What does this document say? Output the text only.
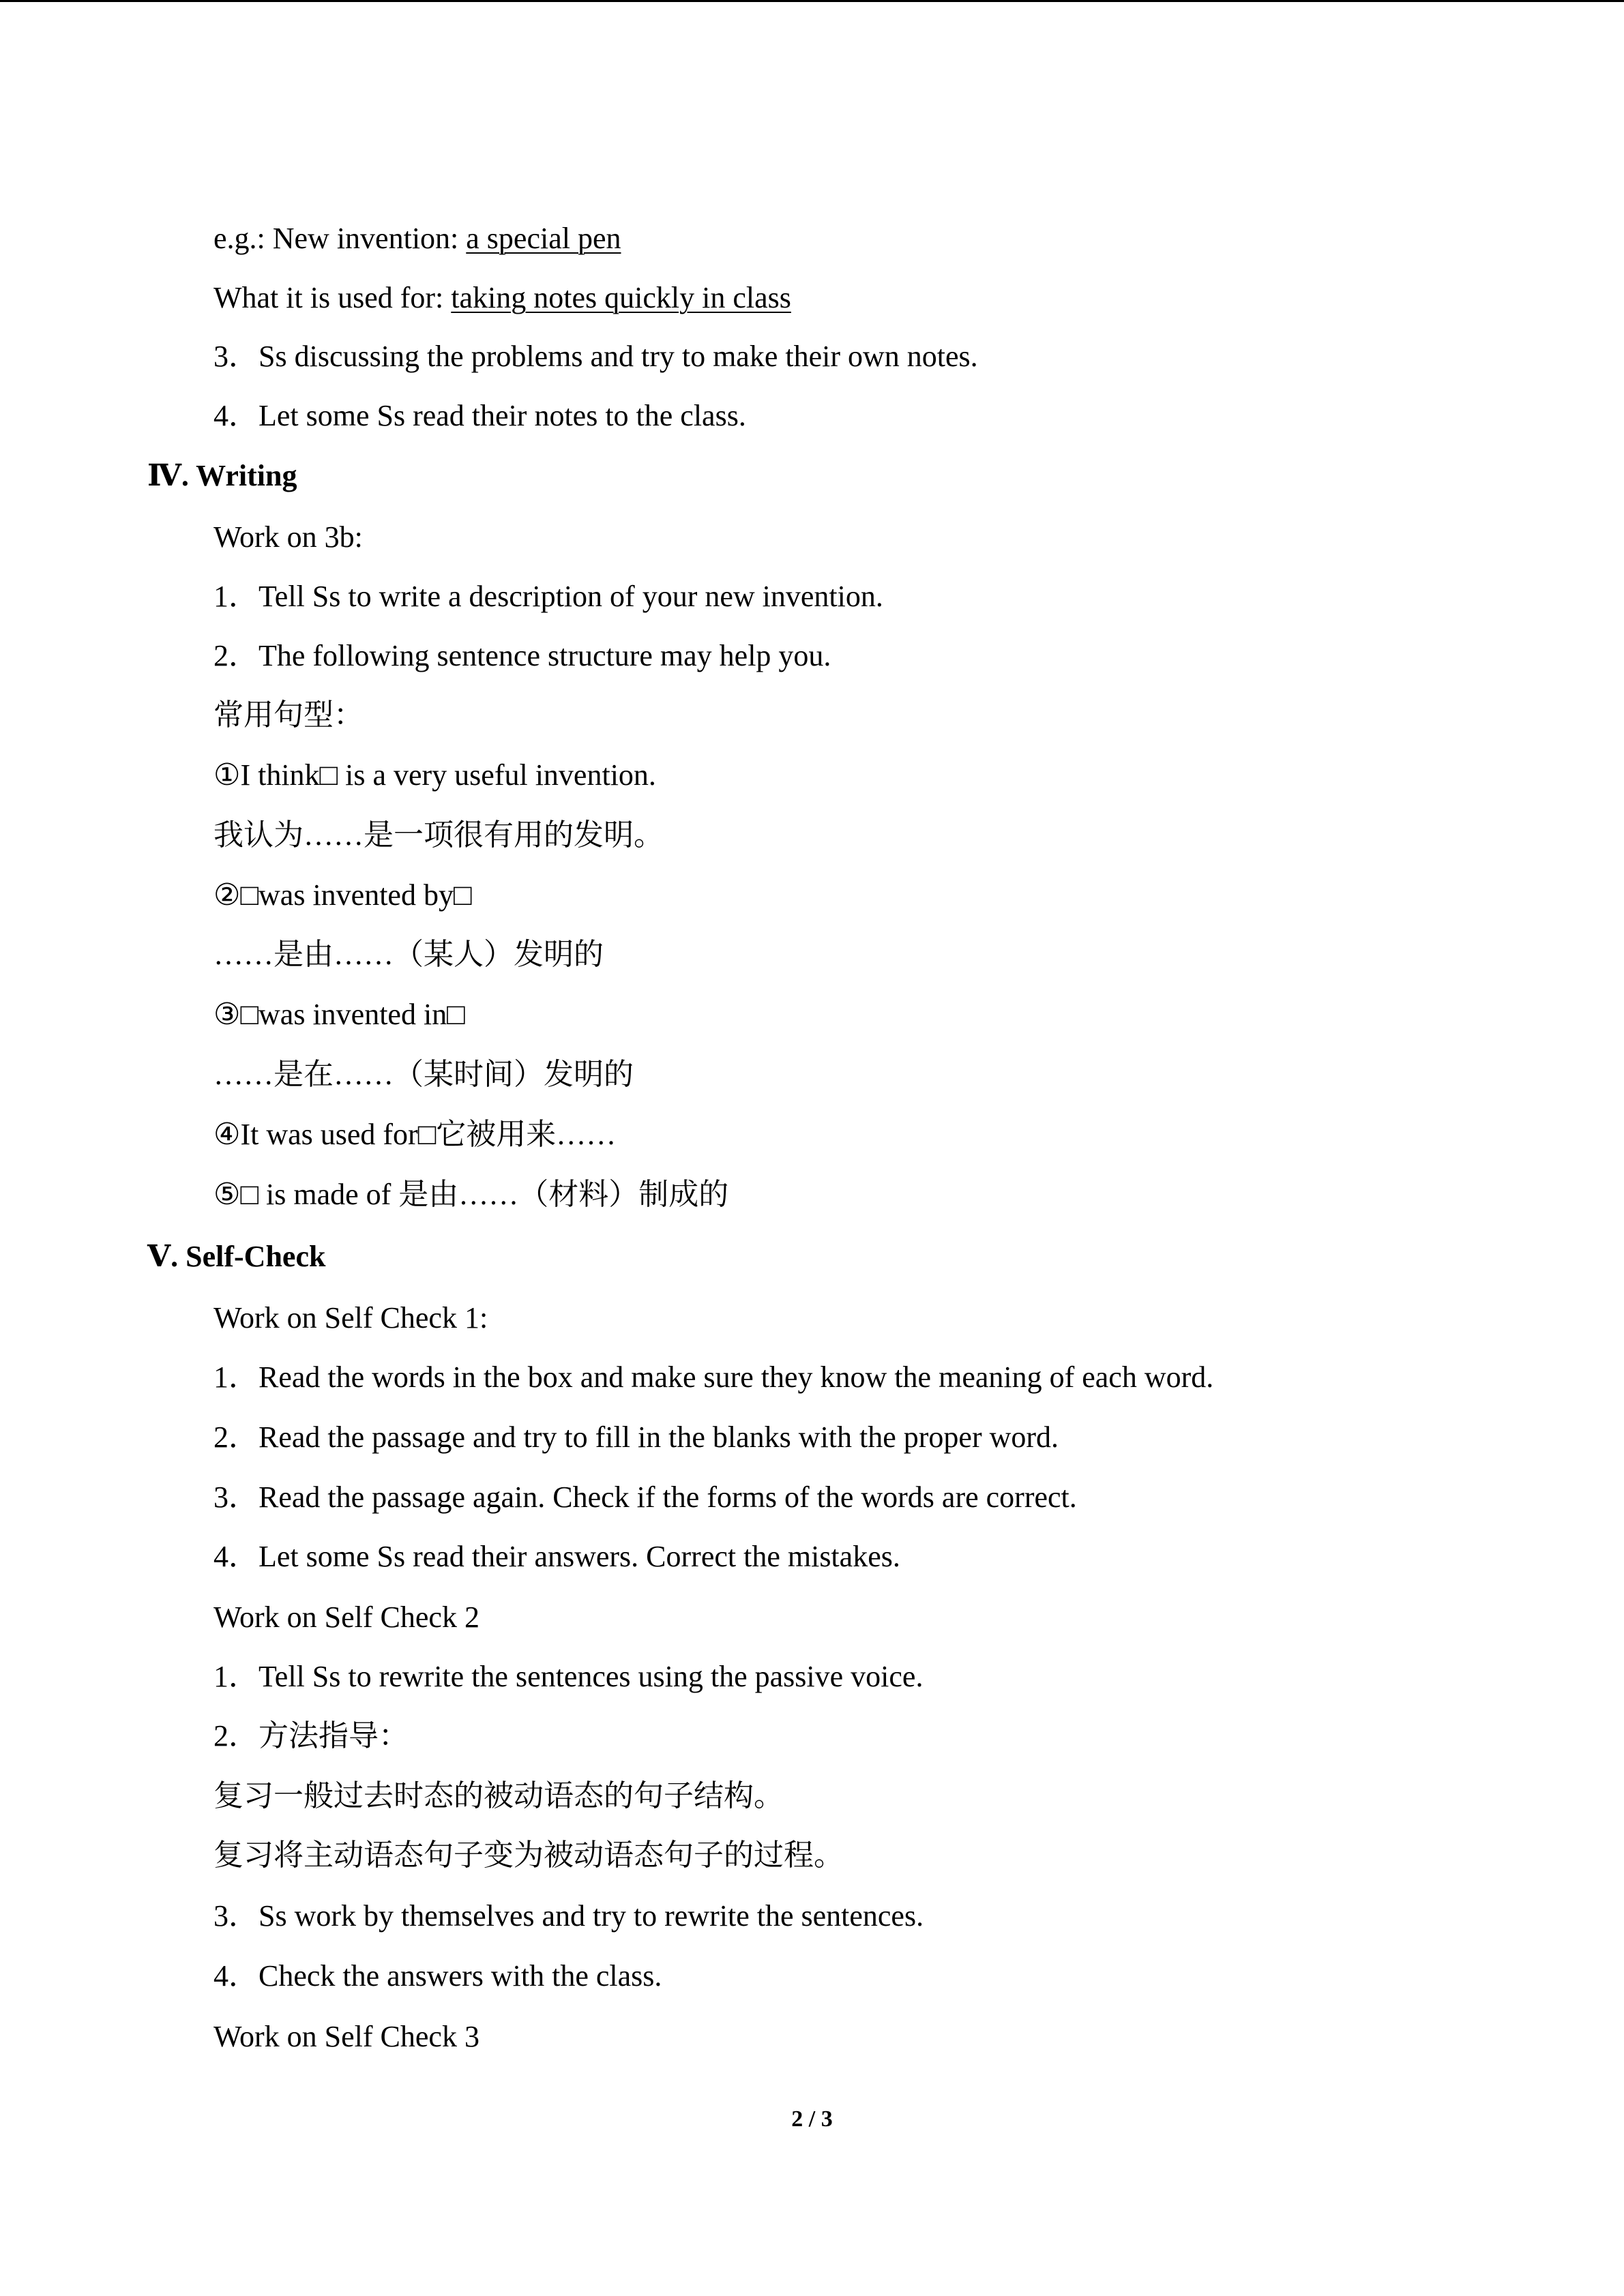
e.g.: New invention: a special pen
What it is used for: taking notes quickly in class
3．Ss discussing the problems and try to make their own notes.
4．Let some Ss read their notes to the class.
Ⅳ. Writing
Work on 3b:
1．Tell Ss to write a description of your new invention.
2．The following sentence structure may help you.
常用句型：
①I think□ is a very useful invention.
我认为……是一项很有用的发明。
②□was invented by□
……是由……（某人）发明的
③□was invented in□
……是在……（某时间）发明的
④It was used for□它被用来……
⑤□ is made of 是由……（材料）制成的
Ⅴ. Self-Check
Work on Self Check 1:
1．Read the words in the box and make sure they know the meaning of each word.
2．Read the passage and try to fill in the blanks with the proper word.
3．Read the passage again. Check if the forms of the words are correct.
4．Let some Ss read their answers. Correct the mistakes.
Work on Self Check 2
1．Tell Ss to rewrite the sentences using the passive voice.
2．方法指导：
复习一般过去时态的被动语态的句子结构。
复习将主动语态句子变为被动语态句子的过程。
3．Ss work by themselves and try to rewrite the sentences.
4．Check the answers with the class.
Work on Self Check 3
2 / 3
